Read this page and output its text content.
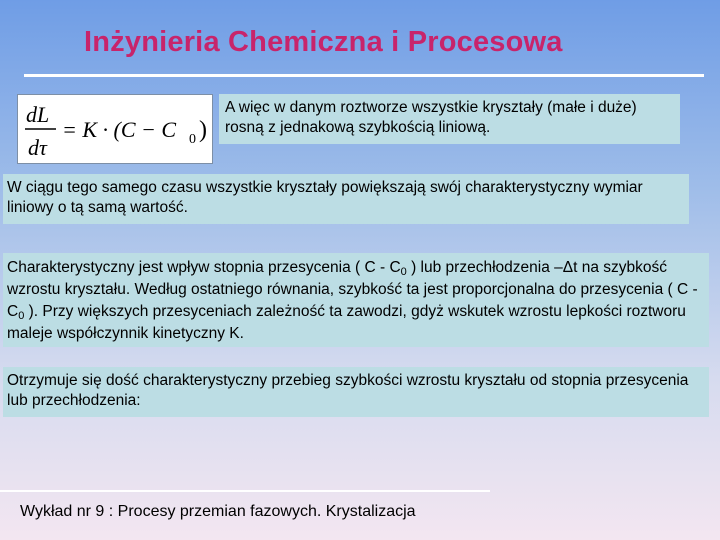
Inżynieria Chemiczna i Procesowa
dL
dτ
= K · (C − C 0 )
A więc w danym roztworze wszystkie kryształy (małe i duże) rosną z jednakową szybkością liniową.
W ciągu tego samego czasu wszystkie kryształy powiększają swój charakterystyczny wymiar liniowy o tą samą wartość.
Charakterystyczny jest wpływ stopnia przesycenia ( C - $C_0$ ) lub przechłodzenia –Δt na szybkość wzrostu kryształu. Według ostatniego równania, szybkość ta jest proporcjonalna do przesycenia ( C - $C_0$ ). Przy większych przesyceniach zależność ta zawodzi, gdyż wskutek wzrostu lepkości roztworu maleje współczynnik kinetyczny K.
Otrzymuje się dość charakterystyczny przebieg szybkości wzrostu kryształu od stopnia przesycenia lub przechłodzenia:
Wykład nr 9 : Procesy przemian fazowych. Krystalizacja
